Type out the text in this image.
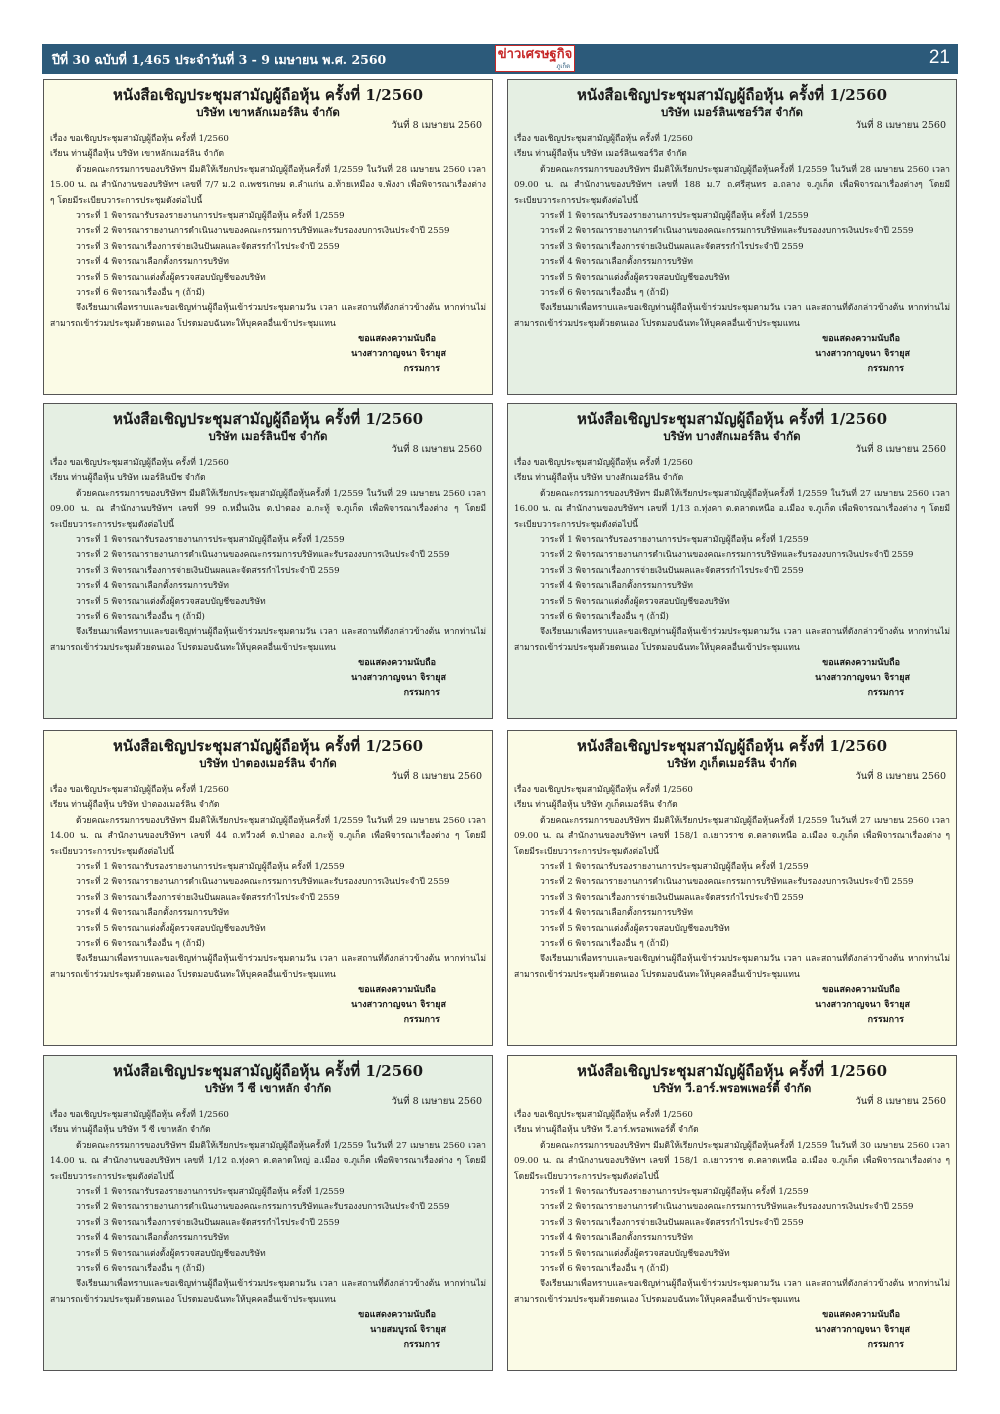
ปีที่ 30 ฉบับที่ 1,465 ประจำวันที่ 3 - 9 เมษายน พ.ศ. 2560	ข่าวเศรษฐกิจ
ภูเก็ต	21
หนังสือเชิญประชุมสามัญผู้ถือหุ้น ครั้งที่ 1/2560
บริษัท เขาหลักเมอร์ลิน จำกัด
วันที่ 8 เมษายน 2560
เรื่อง ขอเชิญประชุมสามัญผู้ถือหุ้น ครั้งที่ 1/2560
เรียน ท่านผู้ถือหุ้น บริษัท เขาหลักเมอร์ลิน จำกัด
ด้วยคณะกรรมการของบริษัทฯ มีมติให้เรียกประชุมสามัญผู้ถือหุ้นครั้งที่ 1/2559 ในวันที่ 28 เมษายน 2560 เวลา 15.00 น. ณ สำนักงานของบริษัทฯ เลขที่ 7/7 ม.2 ถ.เพชรเกษม ต.ลำแก่น อ.ท้ายเหมือง จ.พังงา เพื่อพิจารณาเรื่องต่าง ๆ โดยมีระเบียบวาระการประชุมดังต่อไปนี้
วาระที่ 1 พิจารณารับรองรายงานการประชุมสามัญผู้ถือหุ้น ครั้งที่ 1/2559
วาระที่ 2 พิจารณารายงานการดำเนินงานของคณะกรรมการบริษัทและรับรองงบการเงินประจำปี 2559
วาระที่ 3 พิจารณาเรื่องการจ่ายเงินปันผลและจัดสรรกำไรประจำปี 2559
วาระที่ 4 พิจารณาเลือกตั้งกรรมการบริษัท
วาระที่ 5 พิจารณาแต่งตั้งผู้ตรวจสอบบัญชีของบริษัท
วาระที่ 6 พิจารณาเรื่องอื่น ๆ (ถ้ามี)
จึงเรียนมาเพื่อทราบและขอเชิญท่านผู้ถือหุ้นเข้าร่วมประชุมตามวัน เวลา และสถานที่ดังกล่าวข้างต้น หากท่านไม่สามารถเข้าร่วมประชุมด้วยตนเอง โปรดมอบฉันทะให้บุคคลอื่นเข้าประชุมแทน
ขอแสดงความนับถือ
นางสาวกาญจนา จิรายุส
กรรมการ
หนังสือเชิญประชุมสามัญผู้ถือหุ้น ครั้งที่ 1/2560
บริษัท เมอร์ลินเซอร์วิส จำกัด
วันที่ 8 เมษายน 2560
เรื่อง ขอเชิญประชุมสามัญผู้ถือหุ้น ครั้งที่ 1/2560
เรียน ท่านผู้ถือหุ้น บริษัท เมอร์ลินเซอร์วิส จำกัด
ด้วยคณะกรรมการของบริษัทฯ มีมติให้เรียกประชุมสามัญผู้ถือหุ้นครั้งที่ 1/2559 ในวันที่ 28 เมษายน 2560 เวลา 09.00 น. ณ สำนักงานของบริษัทฯ เลขที่ 188 ม.7 ถ.ศรีสุนทร อ.ถลาง จ.ภูเก็ต เพื่อพิจารณาเรื่องต่างๆ โดยมีระเบียบวาระการประชุมดังต่อไปนี้
วาระที่ 1 พิจารณารับรองรายงานการประชุมสามัญผู้ถือหุ้น ครั้งที่ 1/2559
วาระที่ 2 พิจารณารายงานการดำเนินงานของคณะกรรมการบริษัทและรับรองงบการเงินประจำปี 2559
วาระที่ 3 พิจารณาเรื่องการจ่ายเงินปันผลและจัดสรรกำไรประจำปี 2559
วาระที่ 4 พิจารณาเลือกตั้งกรรมการบริษัท
วาระที่ 5 พิจารณาแต่งตั้งผู้ตรวจสอบบัญชีของบริษัท
วาระที่ 6 พิจารณาเรื่องอื่น ๆ (ถ้ามี)
จึงเรียนมาเพื่อทราบและขอเชิญท่านผู้ถือหุ้นเข้าร่วมประชุมตามวัน เวลา และสถานที่ดังกล่าวข้างต้น หากท่านไม่สามารถเข้าร่วมประชุมด้วยตนเอง โปรดมอบฉันทะให้บุคคลอื่นเข้าประชุมแทน
ขอแสดงความนับถือ
นางสาวกาญจนา จิรายุส
กรรมการ
หนังสือเชิญประชุมสามัญผู้ถือหุ้น ครั้งที่ 1/2560
บริษัท เมอร์ลินบีช จำกัด
วันที่ 8 เมษายน 2560
เรื่อง ขอเชิญประชุมสามัญผู้ถือหุ้น ครั้งที่ 1/2560
เรียน ท่านผู้ถือหุ้น บริษัท เมอร์ลินบีช จำกัด
ด้วยคณะกรรมการของบริษัทฯ มีมติให้เรียกประชุมสามัญผู้ถือหุ้นครั้งที่ 1/2559 ในวันที่ 29 เมษายน 2560 เวลา 09.00 น. ณ สำนักงานบริษัทฯ เลขที่ 99 ถ.หมื่นเงิน ต.ป่าตอง อ.กะทู้ จ.ภูเก็ต เพื่อพิจารณาเรื่องต่าง ๆ โดยมีระเบียบวาระการประชุมดังต่อไปนี้
วาระที่ 1 พิจารณารับรองรายงานการประชุมสามัญผู้ถือหุ้น ครั้งที่ 1/2559
วาระที่ 2 พิจารณารายงานการดำเนินงานของคณะกรรมการบริษัทและรับรองงบการเงินประจำปี 2559
วาระที่ 3 พิจารณาเรื่องการจ่ายเงินปันผลและจัดสรรกำไรประจำปี 2559
วาระที่ 4 พิจารณาเลือกตั้งกรรมการบริษัท
วาระที่ 5 พิจารณาแต่งตั้งผู้ตรวจสอบบัญชีของบริษัท
วาระที่ 6 พิจารณาเรื่องอื่น ๆ (ถ้ามี)
จึงเรียนมาเพื่อทราบและขอเชิญท่านผู้ถือหุ้นเข้าร่วมประชุมตามวัน เวลา และสถานที่ดังกล่าวข้างต้น หากท่านไม่สามารถเข้าร่วมประชุมด้วยตนเอง โปรดมอบฉันทะให้บุคคลอื่นเข้าประชุมแทน
ขอแสดงความนับถือ
นางสาวกาญจนา จิรายุส
กรรมการ
หนังสือเชิญประชุมสามัญผู้ถือหุ้น ครั้งที่ 1/2560
บริษัท บางสักเมอร์ลิน จำกัด
วันที่ 8 เมษายน 2560
เรื่อง ขอเชิญประชุมสามัญผู้ถือหุ้น ครั้งที่ 1/2560
เรียน ท่านผู้ถือหุ้น บริษัท บางสักเมอร์ลิน จำกัด
ด้วยคณะกรรมการของบริษัทฯ มีมติให้เรียกประชุมสามัญผู้ถือหุ้นครั้งที่ 1/2559 ในวันที่ 27 เมษายน 2560 เวลา 16.00 น. ณ สำนักงานของบริษัทฯ เลขที่ 1/13 ถ.ทุ่งคา ต.ตลาดเหนือ อ.เมือง จ.ภูเก็ต เพื่อพิจารณาเรื่องต่าง ๆ โดยมีระเบียบวาระการประชุมดังต่อไปนี้
วาระที่ 1 พิจารณารับรองรายงานการประชุมสามัญผู้ถือหุ้น ครั้งที่ 1/2559
วาระที่ 2 พิจารณารายงานการดำเนินงานของคณะกรรมการบริษัทและรับรองงบการเงินประจำปี 2559
วาระที่ 3 พิจารณาเรื่องการจ่ายเงินปันผลและจัดสรรกำไรประจำปี 2559
วาระที่ 4 พิจารณาเลือกตั้งกรรมการบริษัท
วาระที่ 5 พิจารณาแต่งตั้งผู้ตรวจสอบบัญชีของบริษัท
วาระที่ 6 พิจารณาเรื่องอื่น ๆ (ถ้ามี)
จึงเรียนมาเพื่อทราบและขอเชิญท่านผู้ถือหุ้นเข้าร่วมประชุมตามวัน เวลา และสถานที่ดังกล่าวข้างต้น หากท่านไม่สามารถเข้าร่วมประชุมด้วยตนเอง โปรดมอบฉันทะให้บุคคลอื่นเข้าประชุมแทน
ขอแสดงความนับถือ
นางสาวกาญจนา จิรายุส
กรรมการ
หนังสือเชิญประชุมสามัญผู้ถือหุ้น ครั้งที่ 1/2560
บริษัท ป่าตองเมอร์ลิน จำกัด
วันที่ 8 เมษายน 2560
เรื่อง ขอเชิญประชุมสามัญผู้ถือหุ้น ครั้งที่ 1/2560
เรียน ท่านผู้ถือหุ้น บริษัท ป่าตองเมอร์ลิน จำกัด
ด้วยคณะกรรมการของบริษัทฯ มีมติให้เรียกประชุมสามัญผู้ถือหุ้นครั้งที่ 1/2559 ในวันที่ 29 เมษายน 2560 เวลา 14.00 น. ณ สำนักงานของบริษัทฯ เลขที่ 44 ถ.ทวีวงศ์ ต.ป่าตอง อ.กะทู้ จ.ภูเก็ต เพื่อพิจารณาเรื่องต่าง ๆ โดยมีระเบียบวาระการประชุมดังต่อไปนี้
วาระที่ 1 พิจารณารับรองรายงานการประชุมสามัญผู้ถือหุ้น ครั้งที่ 1/2559
วาระที่ 2 พิจารณารายงานการดำเนินงานของคณะกรรมการบริษัทและรับรองงบการเงินประจำปี 2559
วาระที่ 3 พิจารณาเรื่องการจ่ายเงินปันผลและจัดสรรกำไรประจำปี 2559
วาระที่ 4 พิจารณาเลือกตั้งกรรมการบริษัท
วาระที่ 5 พิจารณาแต่งตั้งผู้ตรวจสอบบัญชีของบริษัท
วาระที่ 6 พิจารณาเรื่องอื่น ๆ (ถ้ามี)
จึงเรียนมาเพื่อทราบและขอเชิญท่านผู้ถือหุ้นเข้าร่วมประชุมตามวัน เวลา และสถานที่ดังกล่าวข้างต้น หากท่านไม่สามารถเข้าร่วมประชุมด้วยตนเอง โปรดมอบฉันทะให้บุคคลอื่นเข้าประชุมแทน
ขอแสดงความนับถือ
นางสาวกาญจนา จิรายุส
กรรมการ
หนังสือเชิญประชุมสามัญผู้ถือหุ้น ครั้งที่ 1/2560
บริษัท ภูเก็ตเมอร์ลิน จำกัด
วันที่ 8 เมษายน 2560
เรื่อง ขอเชิญประชุมสามัญผู้ถือหุ้น ครั้งที่ 1/2560
เรียน ท่านผู้ถือหุ้น บริษัท ภูเก็ตเมอร์ลิน จำกัด
ด้วยคณะกรรมการของบริษัทฯ มีมติให้เรียกประชุมสามัญผู้ถือหุ้นครั้งที่ 1/2559 ในวันที่ 27 เมษายน 2560 เวลา 09.00 น. ณ สำนักงานของบริษัทฯ เลขที่ 158/1 ถ.เยาวราช ต.ตลาดเหนือ อ.เมือง จ.ภูเก็ต เพื่อพิจารณาเรื่องต่าง ๆ โดยมีระเบียบวาระการประชุมดังต่อไปนี้
วาระที่ 1 พิจารณารับรองรายงานการประชุมสามัญผู้ถือหุ้น ครั้งที่ 1/2559
วาระที่ 2 พิจารณารายงานการดำเนินงานของคณะกรรมการบริษัทและรับรองงบการเงินประจำปี 2559
วาระที่ 3 พิจารณาเรื่องการจ่ายเงินปันผลและจัดสรรกำไรประจำปี 2559
วาระที่ 4 พิจารณาเลือกตั้งกรรมการบริษัท
วาระที่ 5 พิจารณาแต่งตั้งผู้ตรวจสอบบัญชีของบริษัท
วาระที่ 6 พิจารณาเรื่องอื่น ๆ (ถ้ามี)
จึงเรียนมาเพื่อทราบและขอเชิญท่านผู้ถือหุ้นเข้าร่วมประชุมตามวัน เวลา และสถานที่ดังกล่าวข้างต้น หากท่านไม่สามารถเข้าร่วมประชุมด้วยตนเอง โปรดมอบฉันทะให้บุคคลอื่นเข้าประชุมแทน
ขอแสดงความนับถือ
นางสาวกาญจนา จิรายุส
กรรมการ
หนังสือเชิญประชุมสามัญผู้ถือหุ้น ครั้งที่ 1/2560
บริษัท วี ซี เขาหลัก จำกัด
วันที่ 8 เมษายน 2560
เรื่อง ขอเชิญประชุมสามัญผู้ถือหุ้น ครั้งที่ 1/2560
เรียน ท่านผู้ถือหุ้น บริษัท วี ซี เขาหลัก จำกัด
ด้วยคณะกรรมการของบริษัทฯ มีมติให้เรียกประชุมสามัญผู้ถือหุ้นครั้งที่ 1/2559 ในวันที่ 27 เมษายน 2560 เวลา 14.00 น. ณ สำนักงานของบริษัทฯ เลขที่ 1/12 ถ.ทุ่งคา ต.ตลาดใหญ่ อ.เมือง จ.ภูเก็ต เพื่อพิจารณาเรื่องต่าง ๆ โดยมีระเบียบวาระการประชุมดังต่อไปนี้
วาระที่ 1 พิจารณารับรองรายงานการประชุมสามัญผู้ถือหุ้น ครั้งที่ 1/2559
วาระที่ 2 พิจารณารายงานการดำเนินงานของคณะกรรมการบริษัทและรับรองงบการเงินประจำปี 2559
วาระที่ 3 พิจารณาเรื่องการจ่ายเงินปันผลและจัดสรรกำไรประจำปี 2559
วาระที่ 4 พิจารณาเลือกตั้งกรรมการบริษัท
วาระที่ 5 พิจารณาแต่งตั้งผู้ตรวจสอบบัญชีของบริษัท
วาระที่ 6 พิจารณาเรื่องอื่น ๆ (ถ้ามี)
จึงเรียนมาเพื่อทราบและขอเชิญท่านผู้ถือหุ้นเข้าร่วมประชุมตามวัน เวลา และสถานที่ดังกล่าวข้างต้น หากท่านไม่สามารถเข้าร่วมประชุมด้วยตนเอง โปรดมอบฉันทะให้บุคคลอื่นเข้าประชุมแทน
ขอแสดงความนับถือ
นายสมบูรณ์ จิรายุส
กรรมการ
หนังสือเชิญประชุมสามัญผู้ถือหุ้น ครั้งที่ 1/2560
บริษัท วี.อาร์.พรอพเพอร์ตี้ จำกัด
วันที่ 8 เมษายน 2560
เรื่อง ขอเชิญประชุมสามัญผู้ถือหุ้น ครั้งที่ 1/2560
เรียน ท่านผู้ถือหุ้น บริษัท วี.อาร์.พรอพเพอร์ตี้ จำกัด
ด้วยคณะกรรมการของบริษัทฯ มีมติให้เรียกประชุมสามัญผู้ถือหุ้นครั้งที่ 1/2559 ในวันที่ 30 เมษายน 2560 เวลา 09.00 น. ณ สำนักงานของบริษัทฯ เลขที่ 158/1 ถ.เยาวราช ต.ตลาดเหนือ อ.เมือง จ.ภูเก็ต เพื่อพิจารณาเรื่องต่าง ๆ โดยมีระเบียบวาระการประชุมดังต่อไปนี้
วาระที่ 1 พิจารณารับรองรายงานการประชุมสามัญผู้ถือหุ้น ครั้งที่ 1/2559
วาระที่ 2 พิจารณารายงานการดำเนินงานของคณะกรรมการบริษัทและรับรองงบการเงินประจำปี 2559
วาระที่ 3 พิจารณาเรื่องการจ่ายเงินปันผลและจัดสรรกำไรประจำปี 2559
วาระที่ 4 พิจารณาเลือกตั้งกรรมการบริษัท
วาระที่ 5 พิจารณาแต่งตั้งผู้ตรวจสอบบัญชีของบริษัท
วาระที่ 6 พิจารณาเรื่องอื่น ๆ (ถ้ามี)
จึงเรียนมาเพื่อทราบและขอเชิญท่านผู้ถือหุ้นเข้าร่วมประชุมตามวัน เวลา และสถานที่ดังกล่าวข้างต้น หากท่านไม่สามารถเข้าร่วมประชุมด้วยตนเอง โปรดมอบฉันทะให้บุคคลอื่นเข้าประชุมแทน
ขอแสดงความนับถือ
นางสาวกาญจนา จิรายุส
กรรมการ
